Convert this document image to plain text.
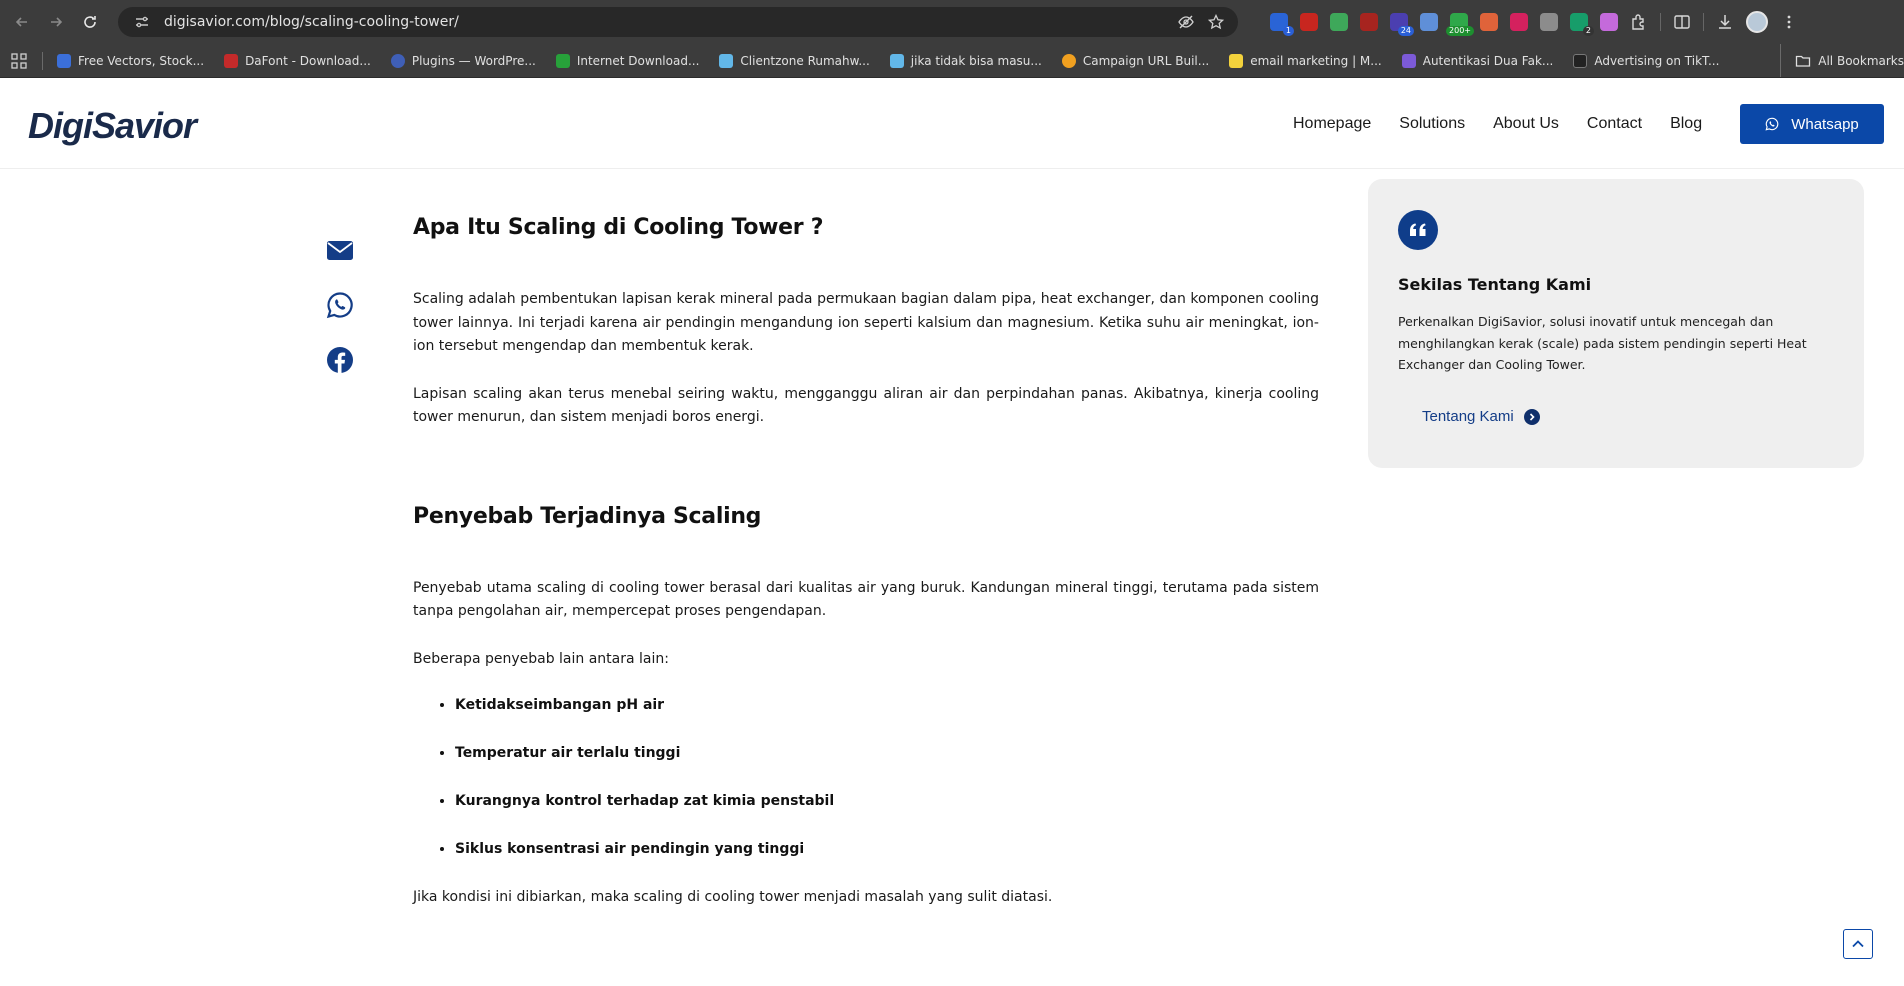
digisavior.com/blog/scaling-cooling-tower/
1	24	200+	2
Free Vectors, Stock...	DaFont - Download...	Plugins — WordPre...	Internet Download...	Clientzone Rumahw...	jika tidak bisa masu...	Campaign URL Buil...	email marketing | M...	Autentikasi Dua Fak...	Advertising on TikT...	All Bookmarks
DigiSavior	Homepage Solutions About Us Contact Blog	Whatsapp
Apa Itu Scaling di Cooling Tower ?

Scaling adalah pembentukan lapisan kerak mineral pada permukaan bagian dalam pipa, heat exchanger, dan komponen cooling tower lainnya. Ini terjadi karena air pendingin mengandung ion seperti kalsium dan magnesium. Ketika suhu air meningkat, ion-ion tersebut mengendap dan membentuk kerak.

Lapisan scaling akan terus menebal seiring waktu, mengganggu aliran air dan perpindahan panas. Akibatnya, kinerja cooling tower menurun, dan sistem menjadi boros energi.

Penyebab Terjadinya Scaling

Penyebab utama scaling di cooling tower berasal dari kualitas air yang buruk. Kandungan mineral tinggi, terutama pada sistem tanpa pengolahan air, mempercepat proses pengendapan.

Beberapa penyebab lain antara lain:

• Ketidakseimbangan pH air
• Temperatur air terlalu tinggi
• Kurangnya kontrol terhadap zat kimia penstabil
• Siklus konsentrasi air pendingin yang tinggi

Jika kondisi ini dibiarkan, maka scaling di cooling tower menjadi masalah yang sulit diatasi.

Sekilas Tentang Kami

Perkenalkan DigiSavior, solusi inovatif untuk mencegah dan menghilangkan kerak (scale) pada sistem pendingin seperti Heat Exchanger dan Cooling Tower.

Tentang Kami
